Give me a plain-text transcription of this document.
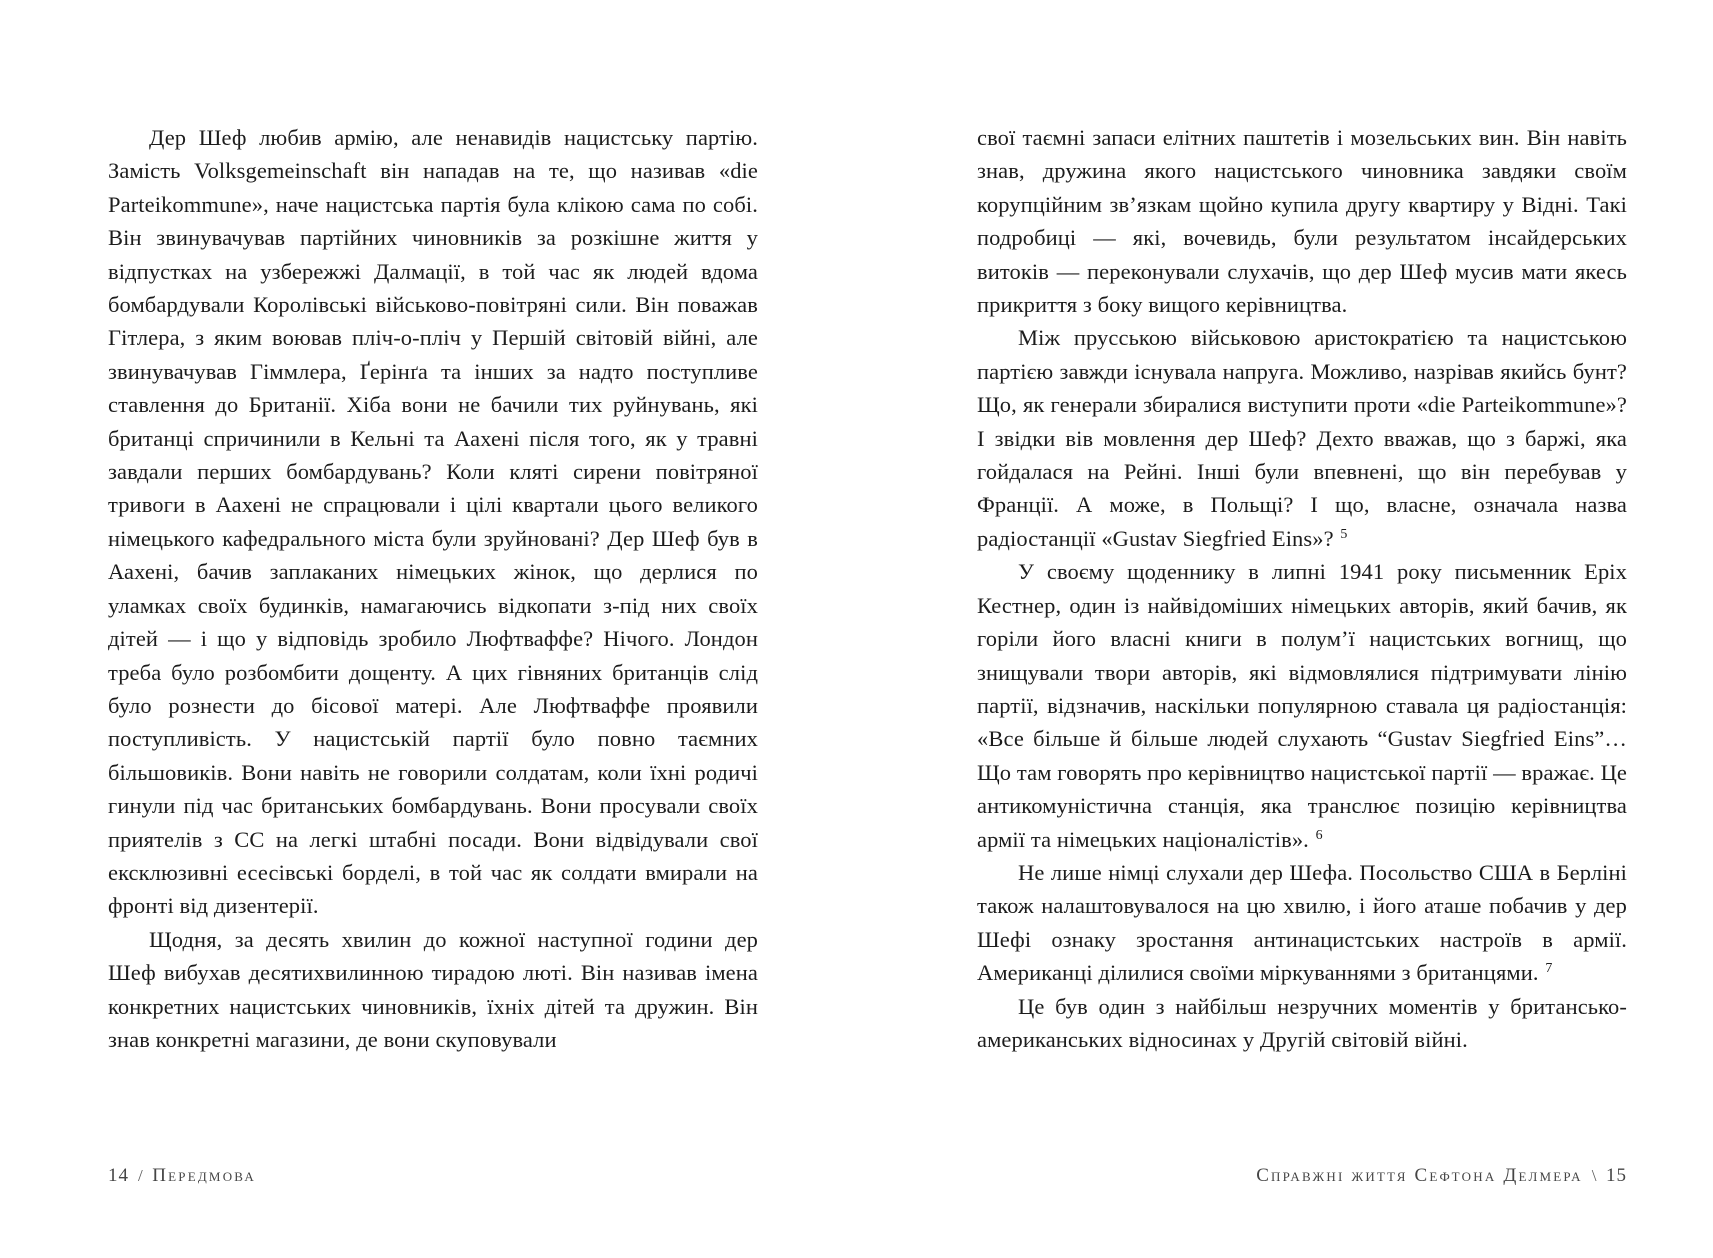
Дер Шеф любив армію, але ненавидів нацистську партію. Замість Volksgemeinschaft він нападав на те, що називав «die Parteikommune», наче нацистська партія була клікою сама по собі. Він звинувачував партійних чиновників за розкішне життя у відпустках на узбережжі Далмації, в той час як людей вдома бомбардували Королівські військово-повітряні сили. Він поважав Гітлера, з яким воював пліч-о-пліч у Першій світовій війні, але звинувачував Гіммлера, Ґерінґа та інших за надто поступливе ставлення до Британії. Хіба вони не бачили тих руйнувань, які британці спричинили в Кельні та Аахені після того, як у травні завдали перших бомбардувань? Коли кляті сирени повітряної тривоги в Аахені не спрацювали і цілі квартали цього великого німецького кафедрального міста були зруйновані? Дер Шеф був в Аахені, бачив заплаканих німецьких жінок, що дерлися по уламках своїх будинків, намагаючись відкопати з-під них своїх дітей — і що у відповідь зробило Люфтваффе? Нічого. Лондон треба було розбомбити дощенту. А цих гівняних британців слід було рознести до бісової матері. Але Люфтваффе проявили поступливість. У нацистській партії було повно таємних більшовиків. Вони навіть не говорили солдатам, коли їхні родичі гинули під час британських бомбардувань. Вони просували своїх приятелів з СС на легкі штабні посади. Вони відвідували свої ексклюзивні есесівські борделі, в той час як солдати вмирали на фронті від дизентерії.

Щодня, за десять хвилин до кожної наступної години дер Шеф вибухав десятихвилинною тирадою люті. Він називав імена конкретних нацистських чиновників, їхніх дітей та дружин. Він знав конкретні магазини, де вони скуповували

14 / Передмова

свої таємні запаси елітних паштетів і мозельських вин. Він навіть знав, дружина якого нацистського чиновника завдяки своїм корупційним зв’язкам щойно купила другу квартиру у Відні. Такі подробиці — які, вочевидь, були результатом інсайдерських витоків — переконували слухачів, що дер Шеф мусив мати якесь прикриття з боку вищого керівництва.

Між прусською військовою аристократією та нацистською партією завжди існувала напруга. Можливо, назрівав якийсь бунт? Що, як генерали збиралися виступити проти «die Parteikommune»? І звідки вів мовлення дер Шеф? Дехто вважав, що з баржі, яка гойдалася на Рейні. Інші були впевнені, що він перебував у Франції. А може, в Польщі? І що, власне, означала назва радіостанції «Gustav Siegfried Eins»? $^5$

У своєму щоденнику в липні 1941 року письменник Еріх Кестнер, один із найвідоміших німецьких авторів, який бачив, як горіли його власні книги в полум’ї нацистських вогнищ, що знищували твори авторів, які відмовлялися підтримувати лінію партії, відзначив, наскільки популярною ставала ця радіостанція: «Все більше й більше людей слухають “Gustav Siegfried Eins”… Що там говорять про керівництво нацистської партії — вражає. Це антикомуністична станція, яка транслює позицію керівництва армії та німецьких націоналістів». $^6$

Не лише німці слухали дер Шефа. Посольство США в Берліні також налаштовувалося на цю хвилю, і його аташе побачив у дер Шефі ознаку зростання антинацистських настроїв в армії. Американці ділилися своїми міркуваннями з британцями. $^7$

Це був один з найбільш незручних моментів у британсько-американських відносинах у Другій світовій війні.

Справжні життя Сефтона Делмера \ 15
